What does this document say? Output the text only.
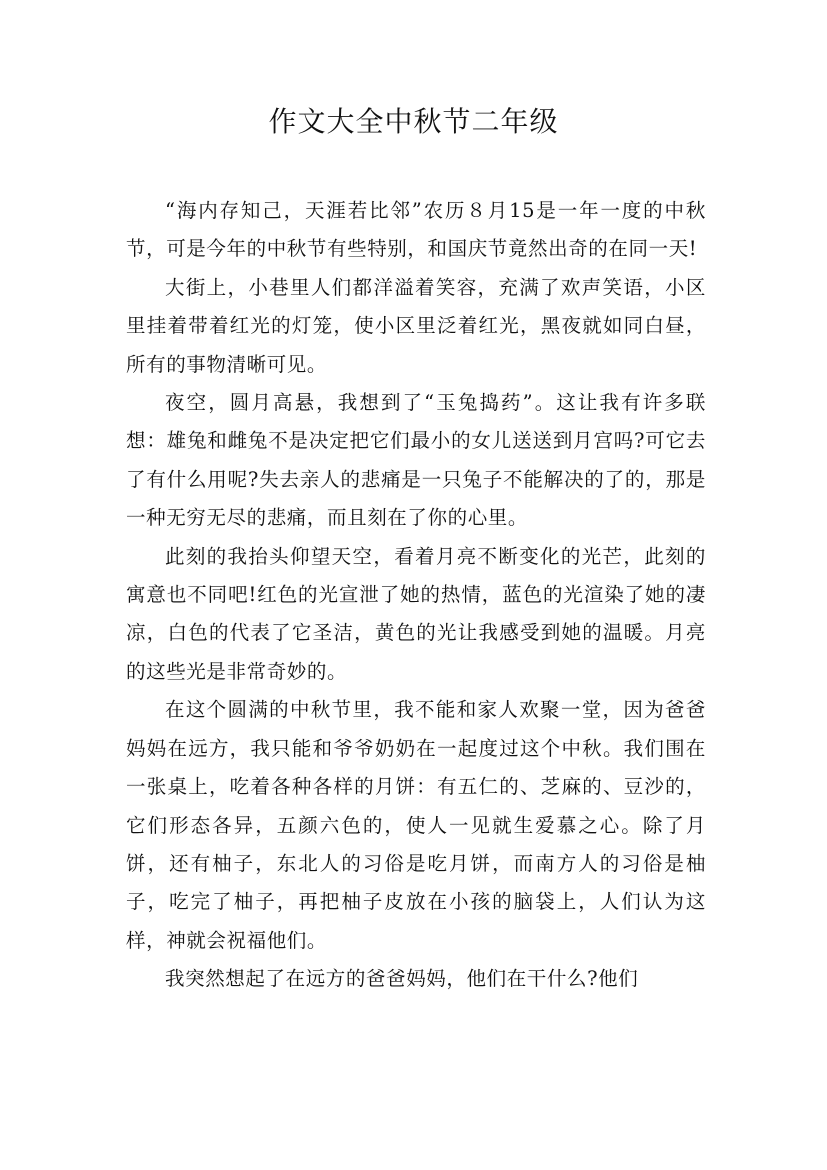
作文大全中秋节二年级

“海内存知己，天涯若比邻”农历８月15是一年一度的中秋节，可是今年的中秋节有些特别，和国庆节竟然出奇的在同一天!

大街上，小巷里人们都洋溢着笑容，充满了欢声笑语，小区里挂着带着红光的灯笼，使小区里泛着红光，黑夜就如同白昼，所有的事物清晰可见。

夜空，圆月高悬，我想到了“玉兔捣药”。这让我有许多联想：雄兔和雌兔不是决定把它们最小的女儿送送到月宫吗?可它去了有什么用呢?失去亲人的悲痛是一只兔子不能解决的了的，那是一种无穷无尽的悲痛，而且刻在了你的心里。

此刻的我抬头仰望天空，看着月亮不断变化的光芒，此刻的寓意也不同吧!红色的光宣泄了她的热情，蓝色的光渲染了她的凄凉，白色的代表了它圣洁，黄色的光让我感受到她的温暖。月亮的这些光是非常奇妙的。

在这个圆满的中秋节里，我不能和家人欢聚一堂，因为爸爸妈妈在远方，我只能和爷爷奶奶在一起度过这个中秋。我们围在一张桌上，吃着各种各样的月饼：有五仁的、芝麻的、豆沙的，它们形态各异，五颜六色的，使人一见就生爱慕之心。除了月饼，还有柚子，东北人的习俗是吃月饼，而南方人的习俗是柚子，吃完了柚子，再把柚子皮放在小孩的脑袋上，人们认为这样，神就会祝福他们。

我突然想起了在远方的爸爸妈妈，他们在干什么?他们
